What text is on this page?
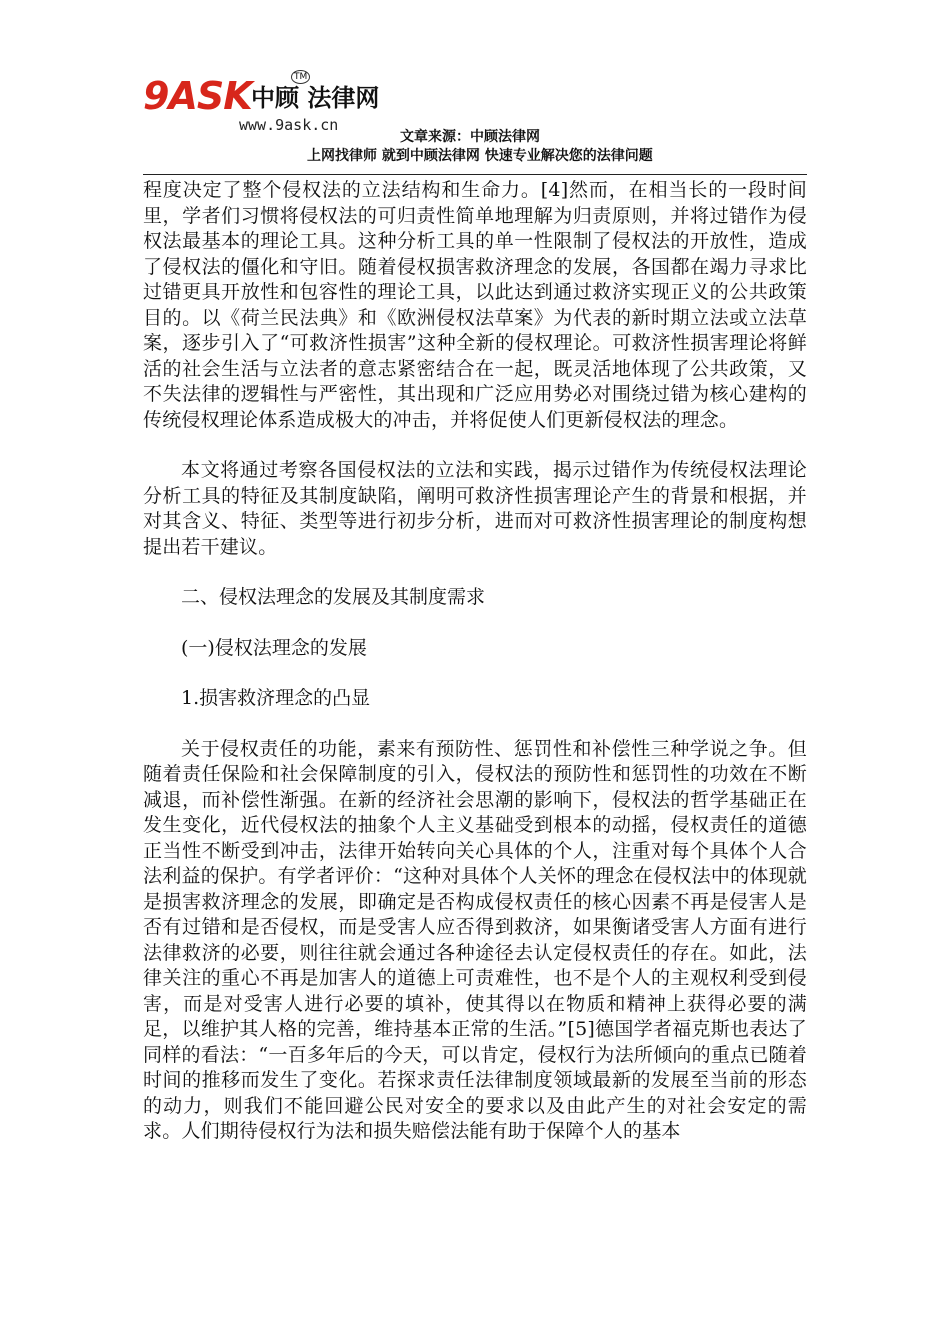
9ASK 中顾 法律网
TM
www.9ask.cn
文章来源：中顾法律网
上网找律师 就到中顾法律网 快速专业解决您的法律问题

程度决定了整个侵权法的立法结构和生命力。[4]然而，在相当长的一段时间里，学者们习惯将侵权法的可归责性简单地理解为归责原则，并将过错作为侵权法最基本的理论工具。这种分析工具的单一性限制了侵权法的开放性，造成了侵权法的僵化和守旧。随着侵权损害救济理念的发展，各国都在竭力寻求比过错更具开放性和包容性的理论工具，以此达到通过救济实现正义的公共政策目的。以《荷兰民法典》和《欧洲侵权法草案》为代表的新时期立法或立法草案，逐步引入了“可救济性损害”这种全新的侵权理论。可救济性损害理论将鲜活的社会生活与立法者的意志紧密结合在一起，既灵活地体现了公共政策，又不失法律的逻辑性与严密性，其出现和广泛应用势必对围绕过错为核心建构的传统侵权理论体系造成极大的冲击，并将促使人们更新侵权法的理念。

本文将通过考察各国侵权法的立法和实践，揭示过错作为传统侵权法理论分析工具的特征及其制度缺陷，阐明可救济性损害理论产生的背景和根据，并对其含义、特征、类型等进行初步分析，进而对可救济性损害理论的制度构想提出若干建议。

二、侵权法理念的发展及其制度需求

(一)侵权法理念的发展

1.损害救济理念的凸显

关于侵权责任的功能，素来有预防性、惩罚性和补偿性三种学说之争。但随着责任保险和社会保障制度的引入，侵权法的预防性和惩罚性的功效在不断减退，而补偿性渐强。在新的经济社会思潮的影响下，侵权法的哲学基础正在发生变化，近代侵权法的抽象个人主义基础受到根本的动摇，侵权责任的道德正当性不断受到冲击，法律开始转向关心具体的个人，注重对每个具体个人合法利益的保护。有学者评价：“这种对具体个人关怀的理念在侵权法中的体现就是损害救济理念的发展，即确定是否构成侵权责任的核心因素不再是侵害人是否有过错和是否侵权，而是受害人应否得到救济，如果衡诸受害人方面有进行法律救济的必要，则往往就会通过各种途径去认定侵权责任的存在。如此，法律关注的重心不再是加害人的道德上可责难性，也不是个人的主观权利受到侵害，而是对受害人进行必要的填补，使其得以在物质和精神上获得必要的满足，以维护其人格的完善，维持基本正常的生活。”[5]德国学者福克斯也表达了同样的看法：“一百多年后的今天，可以肯定，侵权行为法所倾向的重点已随着时间的推移而发生了变化。若探求责任法律制度领域最新的发展至当前的形态的动力，则我们不能回避公民对安全的要求以及由此产生的对社会安定的需求。人们期待侵权行为法和损失赔偿法能有助于保障个人的基本
